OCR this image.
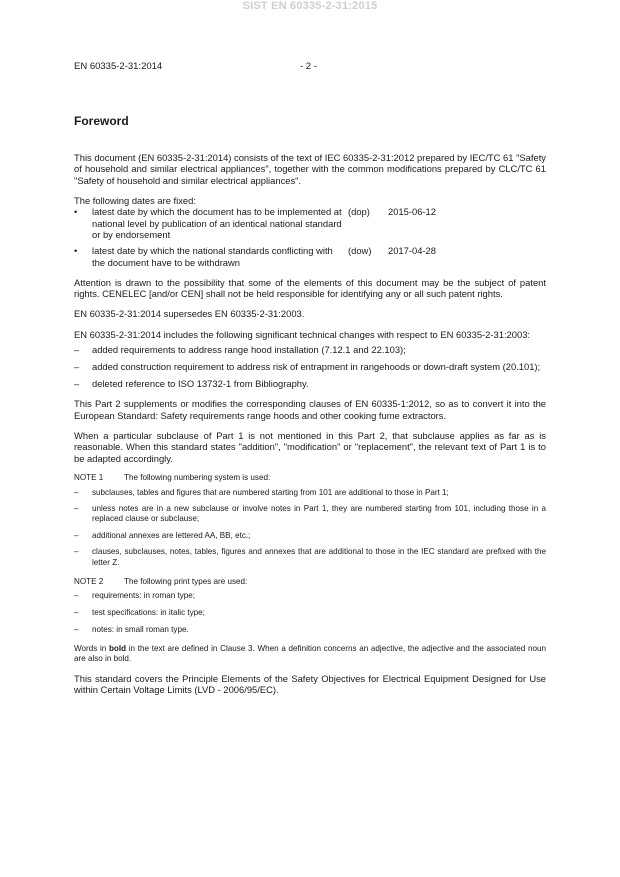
SIST EN 60335-2-31:2015
EN 60335-2-31:2014	- 2 -
Foreword

This document (EN 60335-2-31:2014) consists of the text of IEC 60335-2-31:2012 prepared by IEC/TC 61 "Safety of household and similar electrical appliances", together with the common modifications prepared by CLC/TC 61 "Safety of household and similar electrical appliances".

The following dates are fixed:

•	latest date by which the document has to be implemented at national level by publication of an identical national standard or by endorsement
(dop)	2015-06-12
•	latest date by which the national standards conflicting with the document have to be withdrawn
(dow)	2017-04-28

Attention is drawn to the possibility that some of the elements of this document may be the subject of patent rights. CENELEC [and/or CEN] shall not be held responsible for identifying any or all such patent rights.

EN 60335-2-31:2014 supersedes EN 60335-2-31:2003.

EN 60335-2-31:2014 includes the following significant technical changes with respect to EN 60335-2-31:2003:

–	added requirements to address range hood installation (7.12.1 and 22.103);
–	added construction requirement to address risk of entrapment in rangehoods or down-draft system (20.101);
–	deleted reference to ISO 13732-1 from Bibliography.

This Part 2 supplements or modifies the corresponding clauses of EN 60335-1:2012, so as to convert it into the European Standard: Safety requirements range hoods and other cooking fume extractors.

When a particular subclause of Part 1 is not mentioned in this Part 2, that subclause applies as far as is reasonable. When this standard states "addition", "modification" or "replacement", the relevant text of Part 1 is to be adapted accordingly.

NOTE 1	The following numbering system is used:

–	subclauses, tables and figures that are numbered starting from 101 are additional to those in Part 1;
–	unless notes are in a new subclause or involve notes in Part 1, they are numbered starting from 101, including those in a replaced clause or subclause;
–	additional annexes are lettered AA, BB, etc.;
–	clauses, subclauses, notes, tables, figures and annexes that are additional to those in the IEC standard are prefixed with the letter Z.

NOTE 2	The following print types are used:

–	requirements: in roman type;
–	test specifications: in italic type;
–	notes: in small roman type.

Words in bold in the text are defined in Clause 3. When a definition concerns an adjective, the adjective and the associated noun are also in bold.

This standard covers the Principle Elements of the Safety Objectives for Electrical Equipment Designed for Use within Certain Voltage Limits (LVD - 2006/95/EC).
